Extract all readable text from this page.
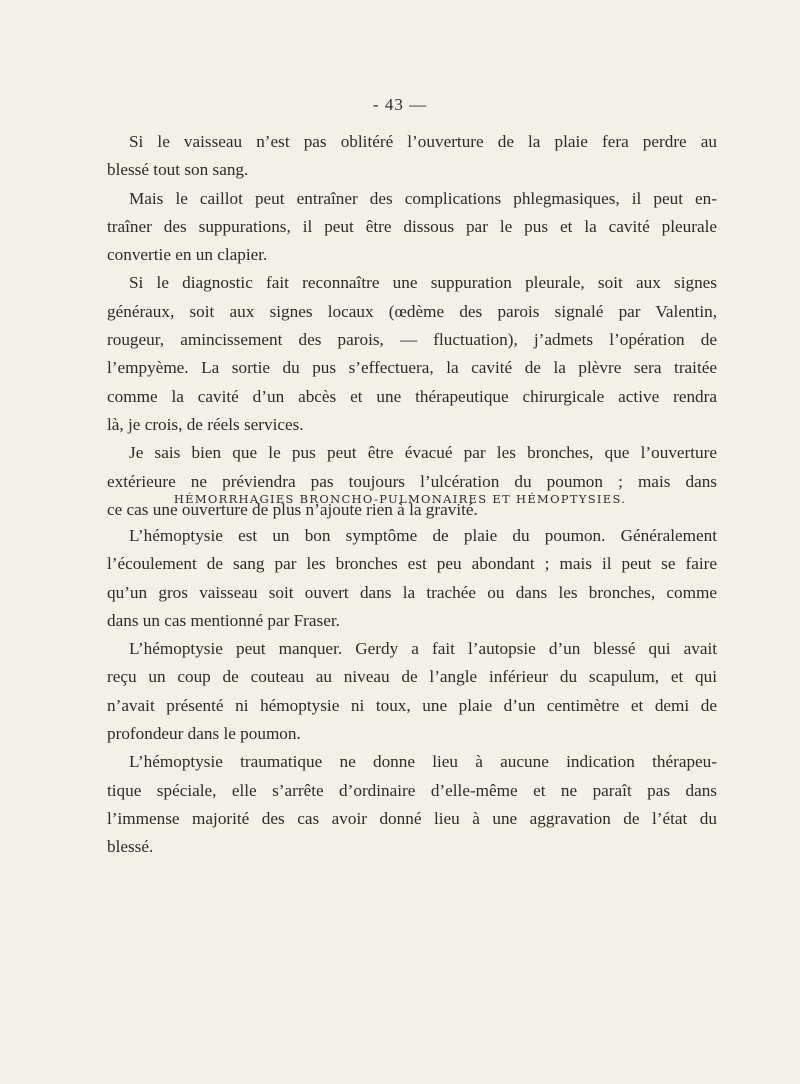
- 43 —
Si le vaisseau n’est pas oblitéré l’ouverture de la plaie fera perdre au
blessé tout son sang.
Mais le caillot peut entraîner des complications phlegmasiques, il peut en-
traîner des suppurations, il peut être dissous par le pus et la cavité pleurale
convertie en un clapier.
Si le diagnostic fait reconnaître une suppuration pleurale, soit aux signes
généraux, soit aux signes locaux (œdème des parois signalé par Valentin,
rougeur, amincissement des parois, — fluctuation), j’admets l’opération de
l’empyème. La sortie du pus s’effectuera, la cavité de la plèvre sera traitée
comme la cavité d’un abcès et une thérapeutique chirurgicale active rendra
là, je crois, de réels services.
Je sais bien que le pus peut être évacué par les bronches, que l’ouverture
extérieure ne préviendra pas toujours l’ulcération du poumon ; mais dans
ce cas une ouverture de plus n’ajoute rien à la gravité.
HÉMORRHAGIES BRONCHO-PULMONAIRES ET HÉMOPTYSIES.
L’hémoptysie est un bon symptôme de plaie du poumon. Généralement
l’écoulement de sang par les bronches est peu abondant ; mais il peut se faire
qu’un gros vaisseau soit ouvert dans la trachée ou dans les bronches, comme
dans un cas mentionné par Fraser.
L’hémoptysie peut manquer. Gerdy a fait l’autopsie d’un blessé qui avait
reçu un coup de couteau au niveau de l’angle inférieur du scapulum, et qui
n’avait présenté ni hémoptysie ni toux, une plaie d’un centimètre et demi de
profondeur dans le poumon.
L’hémoptysie traumatique ne donne lieu à aucune indication thérapeu-
tique spéciale, elle s’arrête d’ordinaire d’elle-même et ne paraît pas dans
l’immense majorité des cas avoir donné lieu à une aggravation de l’état du
blessé.
